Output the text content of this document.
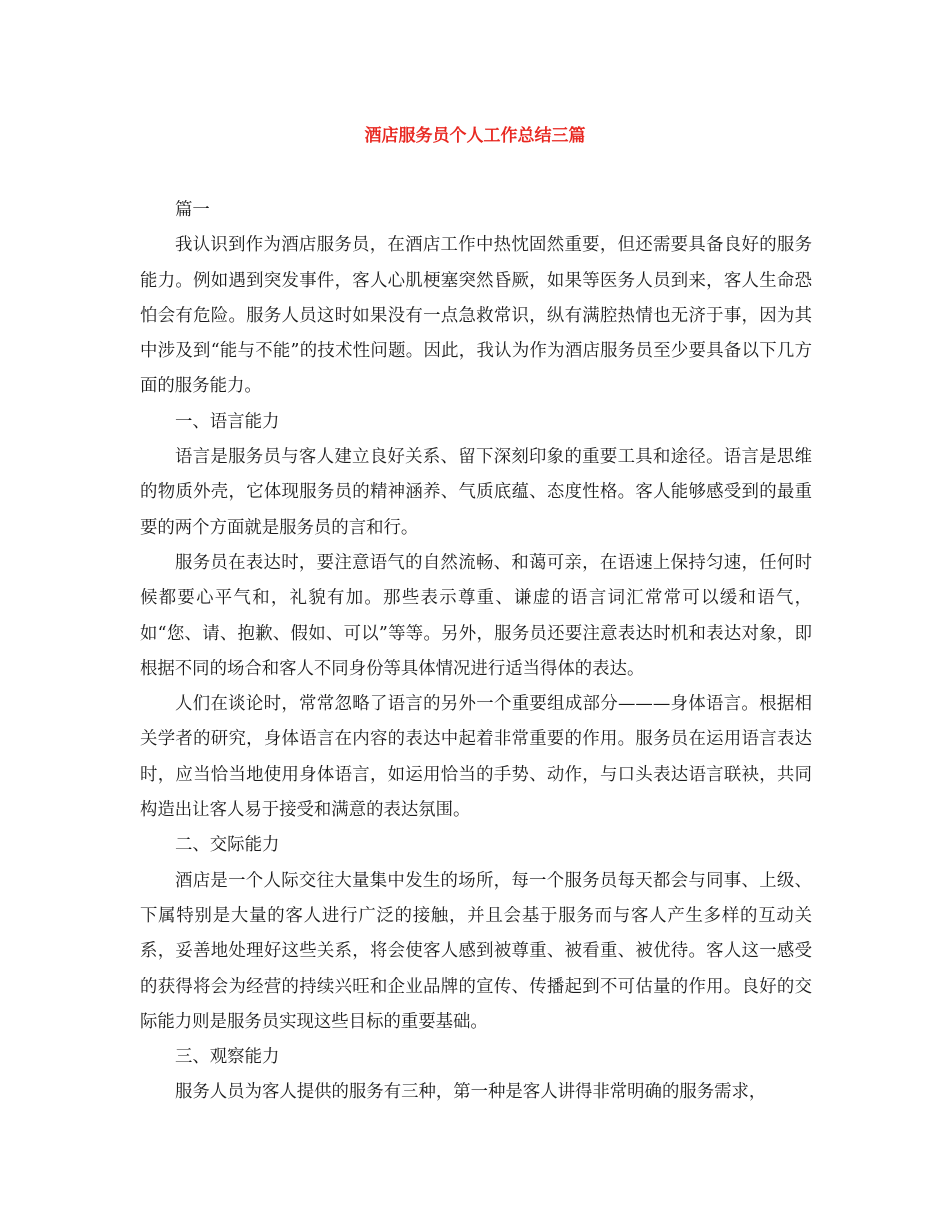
酒店服务员个人工作总结三篇

篇一

我认识到作为酒店服务员，在酒店工作中热忱固然重要，但还需要具备良好的服务能力。例如遇到突发事件，客人心肌梗塞突然昏厥，如果等医务人员到来，客人生命恐怕会有危险。服务人员这时如果没有一点急救常识，纵有满腔热情也无济于事，因为其中涉及到“能与不能”的技术性问题。因此，我认为作为酒店服务员至少要具备以下几方面的服务能力。

一、语言能力

语言是服务员与客人建立良好关系、留下深刻印象的重要工具和途径。语言是思维的物质外壳，它体现服务员的精神涵养、气质底蕴、态度性格。客人能够感受到的最重要的两个方面就是服务员的言和行。

服务员在表达时，要注意语气的自然流畅、和蔼可亲，在语速上保持匀速，任何时候都要心平气和，礼貌有加。那些表示尊重、谦虚的语言词汇常常可以缓和语气，如“您、请、抱歉、假如、可以”等等。另外，服务员还要注意表达时机和表达对象，即根据不同的场合和客人不同身份等具体情况进行适当得体的表达。

人们在谈论时，常常忽略了语言的另外一个重要组成部分———身体语言。根据相关学者的研究，身体语言在内容的表达中起着非常重要的作用。服务员在运用语言表达时，应当恰当地使用身体语言，如运用恰当的手势、动作，与口头表达语言联袂，共同构造出让客人易于接受和满意的表达氛围。

二、交际能力

酒店是一个人际交往大量集中发生的场所，每一个服务员每天都会与同事、上级、下属特别是大量的客人进行广泛的接触，并且会基于服务而与客人产生多样的互动关系，妥善地处理好这些关系，将会使客人感到被尊重、被看重、被优待。客人这一感受的获得将会为经营的持续兴旺和企业品牌的宣传、传播起到不可估量的作用。良好的交际能力则是服务员实现这些目标的重要基础。

三、观察能力

服务人员为客人提供的服务有三种，第一种是客人讲得非常明确的服务需求，
